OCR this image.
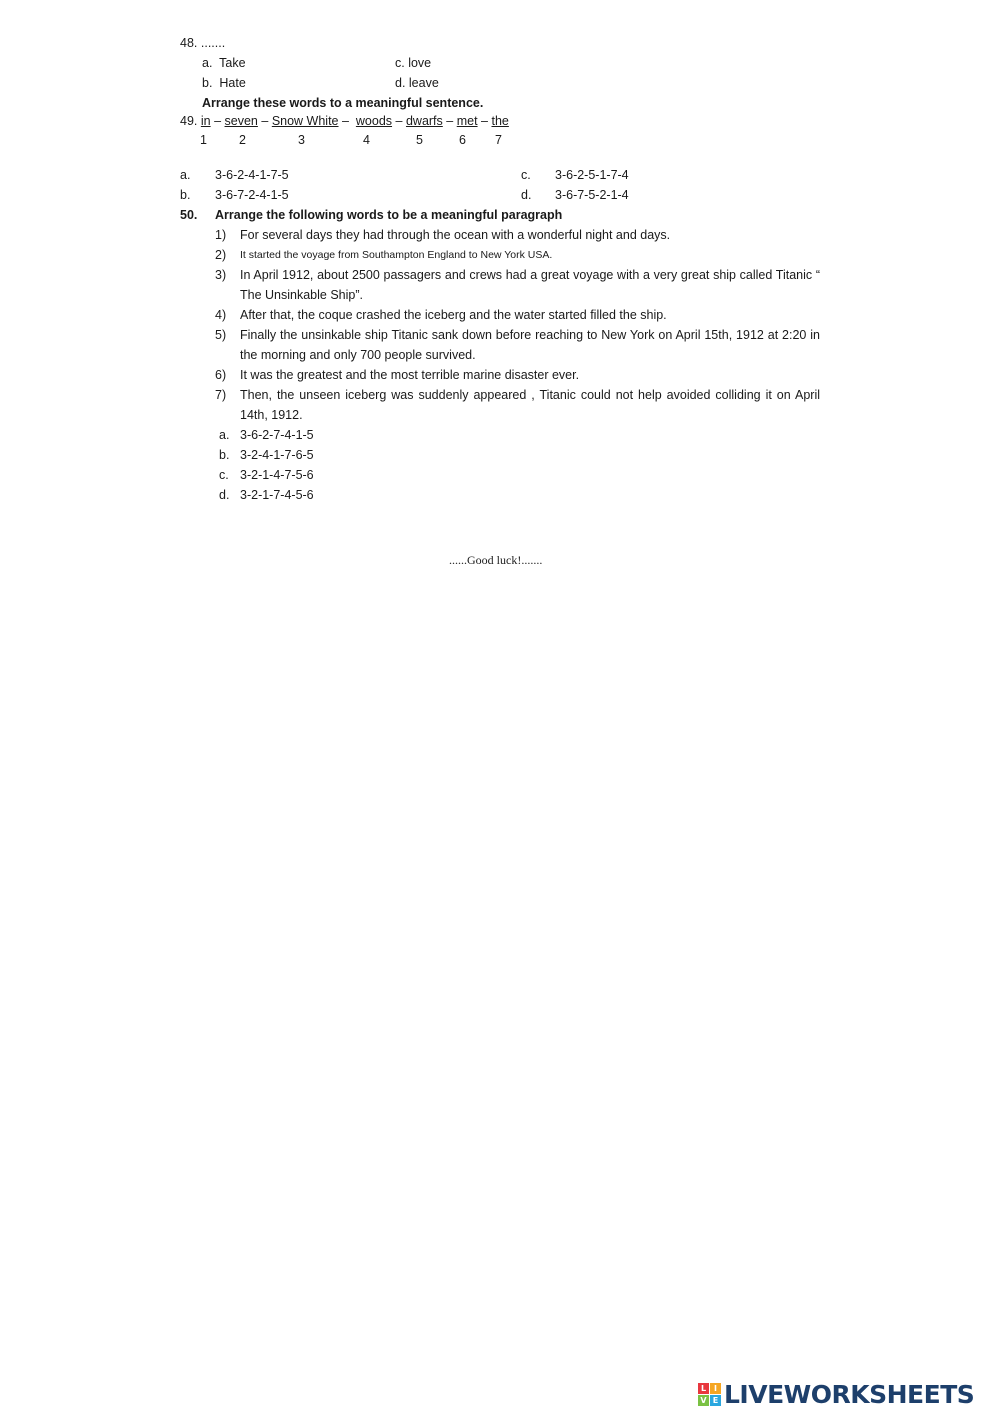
48. .......
a. Take	c. love
b. Hate	d. leave
Arrange these words to a meaningful sentence.
49. in – seven – Snow White – woods – dwarfs – met – the
1	2	3	4	5	6 7
a. 3-6-2-4-1-7-5	c. 3-6-2-5-1-7-4
b. 3-6-7-2-4-1-5	d. 3-6-7-5-2-1-4
50. Arrange the following words to be a meaningful paragraph
1) For several days they had through the ocean with a wonderful night and days.
2) It started the voyage from Southampton England to New York USA.
3) In April 1912, about 2500 passagers and crews had a great voyage with a very great ship called Titanic “ The Unsinkable Ship”.
4) After that, the coque crashed the iceberg and the water started filled the ship.
5) Finally the unsinkable ship Titanic sank down before reaching to New York on April 15th, 1912 at 2:20 in the morning and only 700 people survived.
6) It was the greatest and the most terrible marine disaster ever.
7) Then, the unseen iceberg was suddenly appeared , Titanic could not help avoided colliding it on April 14th, 1912.
a. 3-6-2-7-4-1-5
b. 3-2-4-1-7-6-5
c. 3-2-1-4-7-5-6
d. 3-2-1-7-4-5-6
......Good luck!.......
L I
V E LIVEWORKSHEETS
